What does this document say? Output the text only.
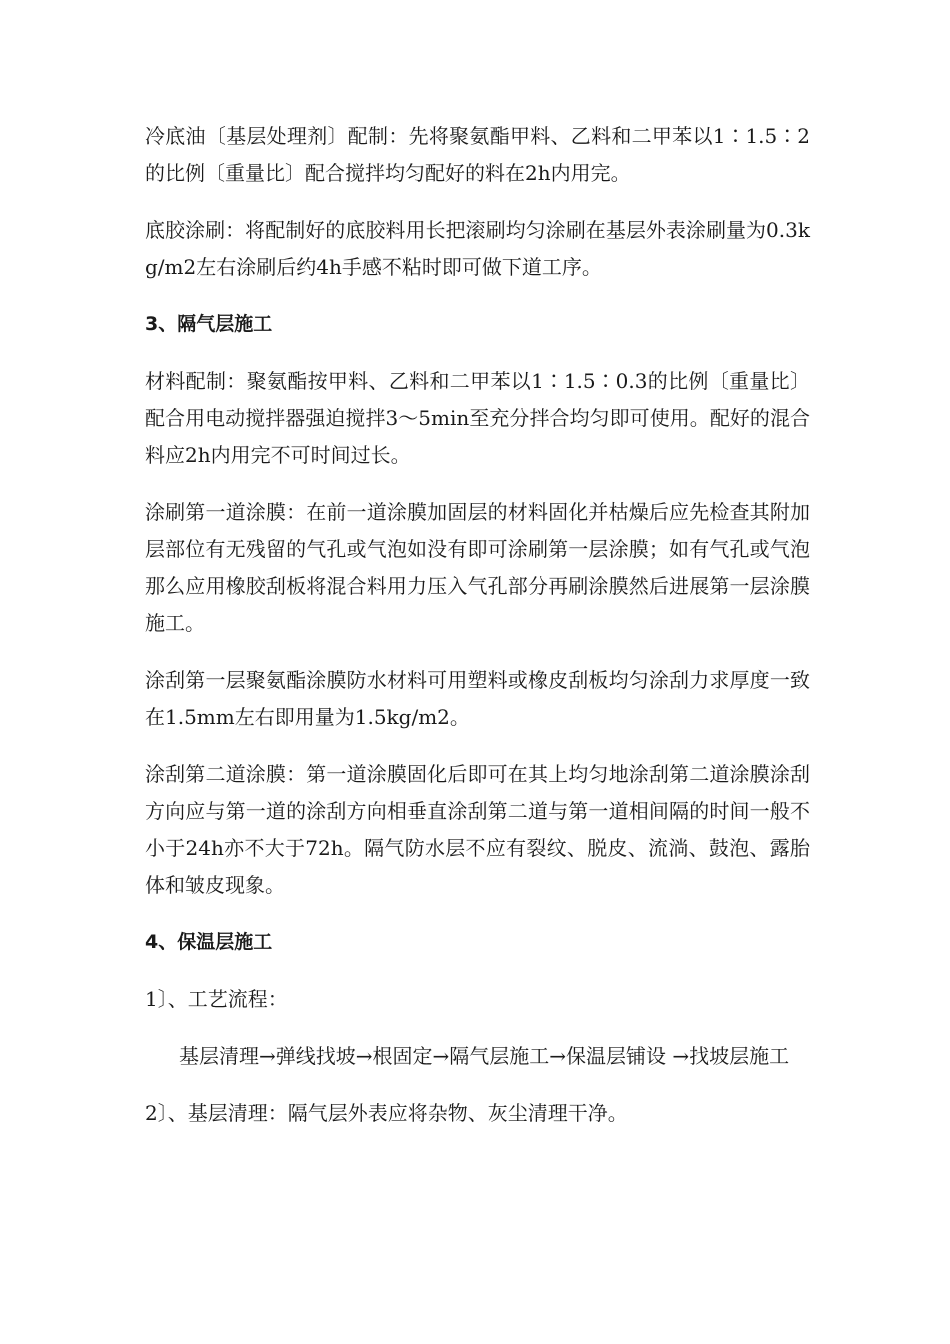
冷底油〔基层处理剂〕配制：先将聚氨酯甲料、乙料和二甲苯以1∶1.5∶2的比例〔重量比〕配合搅拌均匀配好的料在2h内用完。

底胶涂刷：将配制好的底胶料用长把滚刷均匀涂刷在基层外表涂刷量为0.3kg/m2左右涂刷后约4h手感不粘时即可做下道工序。

3、隔气层施工

材料配制：聚氨酯按甲料、乙料和二甲苯以1∶1.5∶0.3的比例〔重量比〕配合用电动搅拌器强迫搅拌3～5min至充分拌合均匀即可使用。配好的混合料应2h内用完不可时间过长。

涂刷第一道涂膜：在前一道涂膜加固层的材料固化并枯燥后应先检查其附加层部位有无残留的气孔或气泡如没有即可涂刷第一层涂膜；如有气孔或气泡那么应用橡胶刮板将混合料用力压入气孔部分再刷涂膜然后进展第一层涂膜施工。

涂刮第一层聚氨酯涂膜防水材料可用塑料或橡皮刮板均匀涂刮力求厚度一致在1.5mm左右即用量为1.5kg/m2。

涂刮第二道涂膜：第一道涂膜固化后即可在其上均匀地涂刮第二道涂膜涂刮方向应与第一道的涂刮方向相垂直涂刮第二道与第一道相间隔的时间一般不小于24h亦不大于72h。隔气防水层不应有裂纹、脱皮、流淌、鼓泡、露胎体和皱皮现象。

4、保温层施工

1〕、工艺流程：

基层清理→弹线找坡→根固定→隔气层施工→保温层铺设 →找坡层施工

2〕、基层清理：隔气层外表应将杂物、灰尘清理干净。
